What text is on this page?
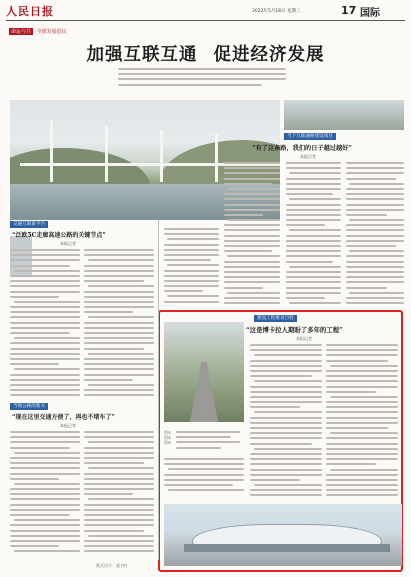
人民日报	2022年5月18日 星期三	17 国际
命运与共 ·全球发展倡议
加强互联互通 促进经济发展
当下互联通路建设项目
“有了这条路，我们的日子越过越好”
本报记者
交通互联新平台
“泛欧5C走廊高速公路的关键节点”
本报记者
当地公路的新方
“现在这里交通方便了，再也不堵车了”
本报记者
版式设计：庞书红
建设工程惠及百姓
“这是博卡拉人期盼了多年的工程”
本报记者
图①
图②
图③
